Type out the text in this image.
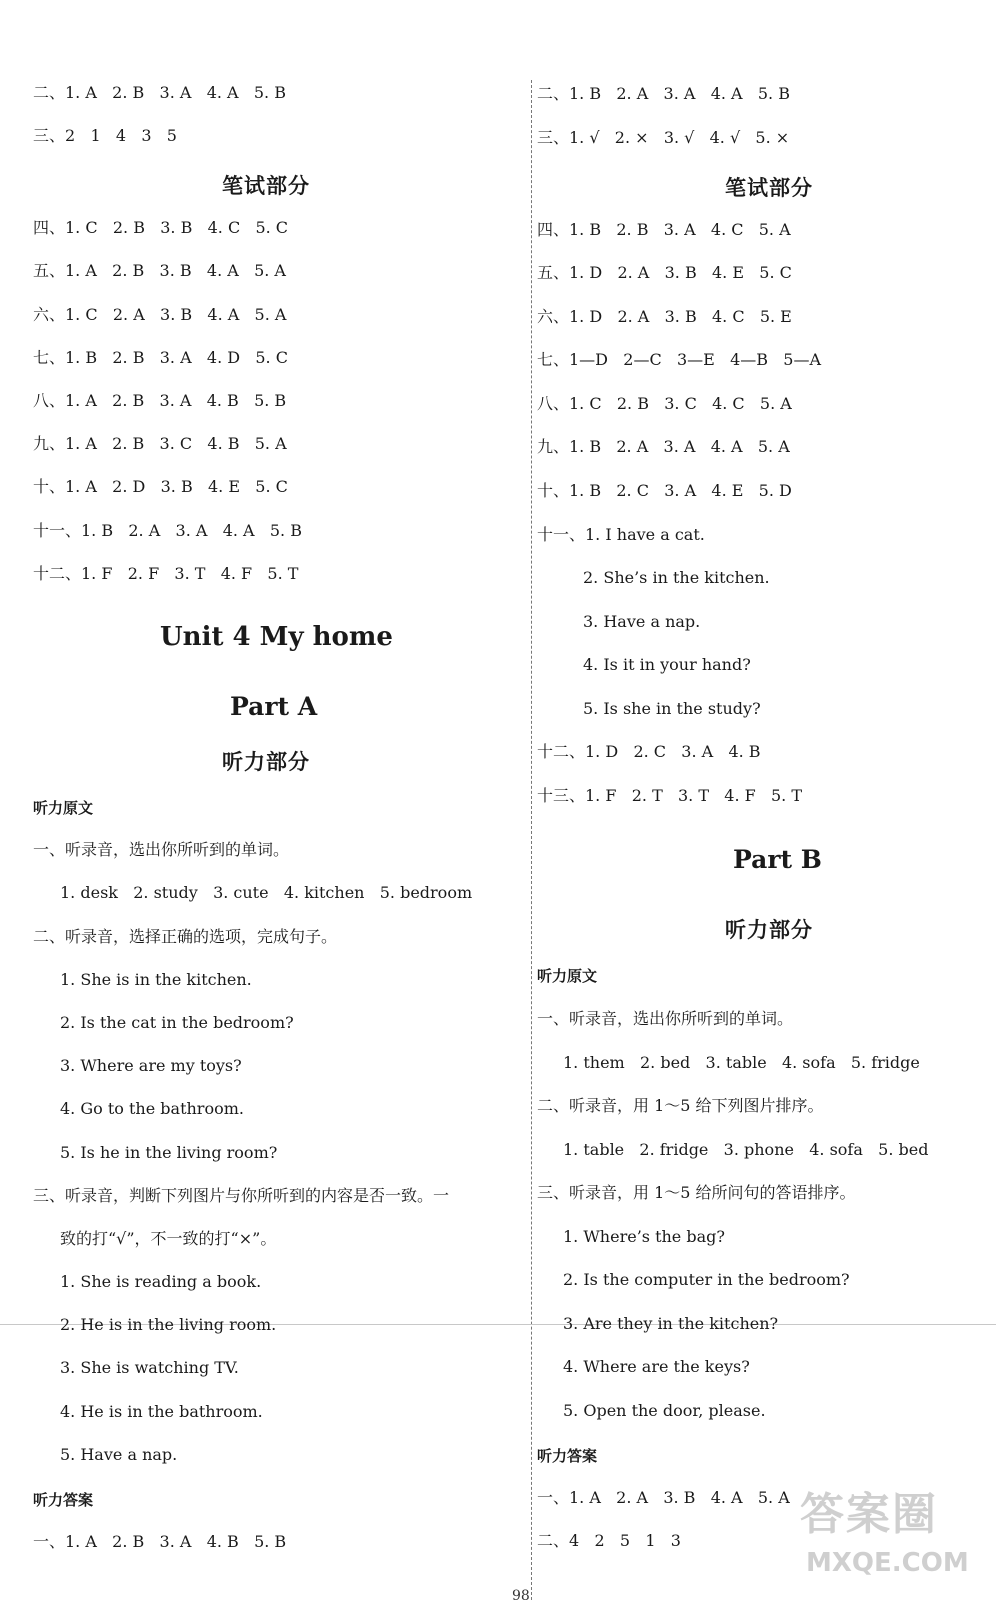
二、1. A   2. B   3. A   4. A   5. B
三、2   1   4   3   5
笔试部分
四、1. C   2. B   3. B   4. C   5. C
五、1. A   2. B   3. B   4. A   5. A
六、1. C   2. A   3. B   4. A   5. A
七、1. B   2. B   3. A   4. D   5. C
八、1. A   2. B   3. A   4. B   5. B
九、1. A   2. B   3. C   4. B   5. A
十、1. A   2. D   3. B   4. E   5. C
十一、1. B   2. A   3. A   4. A   5. B
十二、1. F   2. F   3. T   4. F   5. T
Unit 4 My home
Part A
听力部分
听力原文
一、听录音，选出你所听到的单词。
1. desk   2. study   3. cute   4. kitchen   5. bedroom
二、听录音，选择正确的选项，完成句子。
1. She is in the kitchen.
2. Is the cat in the bedroom?
3. Where are my toys?
4. Go to the bathroom.
5. Is he in the living room?
三、听录音，判断下列图片与你所听到的内容是否一致。一
致的打“√”，不一致的打“×”。
1. She is reading a book.
2. He is in the living room.
3. She is watching TV.
4. He is in the bathroom.
5. Have a nap.
听力答案
一、1. A   2. B   3. A   4. B   5. B
二、1. B   2. A   3. A   4. A   5. B
三、1. √   2. ×   3. √   4. √   5. ×
笔试部分
四、1. B   2. B   3. A   4. C   5. A
五、1. D   2. A   3. B   4. E   5. C
六、1. D   2. A   3. B   4. C   5. E
七、1—D   2—C   3—E   4—B   5—A
八、1. C   2. B   3. C   4. C   5. A
九、1. B   2. A   3. A   4. A   5. A
十、1. B   2. C   3. A   4. E   5. D
十一、1. I have a cat.
2. She’s in the kitchen.
3. Have a nap.
4. Is it in your hand?
5. Is she in the study?
十二、1. D   2. C   3. A   4. B
十三、1. F   2. T   3. T   4. F   5. T
Part B
听力部分
听力原文
一、听录音，选出你所听到的单词。
1. them   2. bed   3. table   4. sofa   5. fridge
二、听录音，用 1～5 给下列图片排序。
1. table   2. fridge   3. phone   4. sofa   5. bed
三、听录音，用 1～5 给所问句的答语排序。
1. Where’s the bag?
2. Is the computer in the bedroom?
3. Are they in the kitchen?
4. Where are the keys?
5. Open the door, please.
听力答案
一、1. A   2. A   3. B   4. A   5. A
二、4   2   5   1   3
答案圈
MXQE.COM
98
